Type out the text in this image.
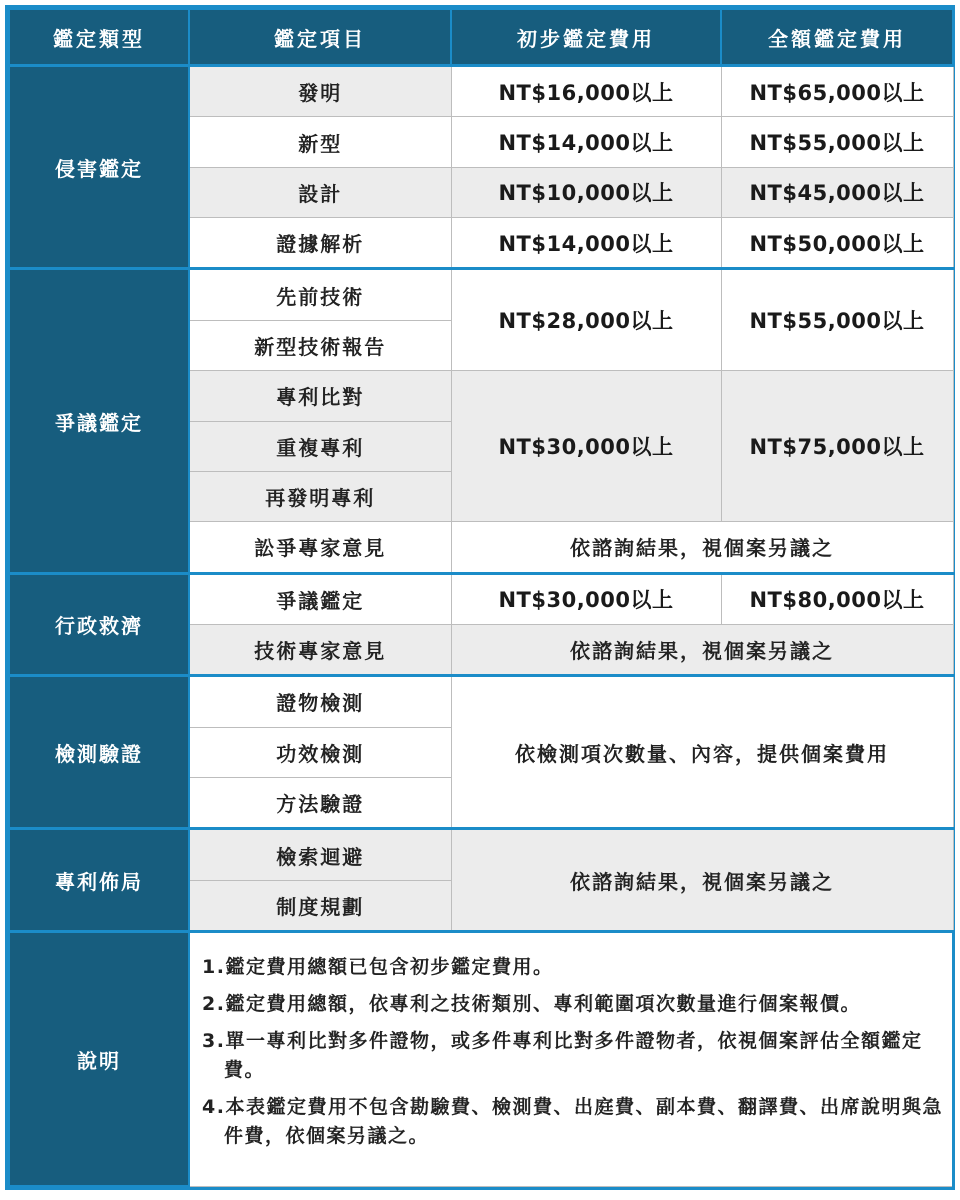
鑑定類型	鑑定項目	初步鑑定費用	全額鑑定費用
侵害鑑定	發明	NT$16,000以上	NT$65,000以上
	新型	NT$14,000以上	NT$55,000以上
	設計	NT$10,000以上	NT$45,000以上
	證據解析	NT$14,000以上	NT$50,000以上
爭議鑑定	先前技術	NT$28,000以上	NT$55,000以上
	新型技術報告		
	專利比對	NT$30,000以上	NT$75,000以上
	重複專利		
	再發明專利		
	訟爭專家意見	依諮詢結果，視個案另議之	
行政救濟	爭議鑑定	NT$30,000以上	NT$80,000以上
	技術專家意見	依諮詢結果，視個案另議之	
檢測驗證	證物檢測	依檢測項次數量、內容，提供個案費用	
	功效檢測		
	方法驗證		
專利佈局	檢索迴避	依諮詢結果，視個案另議之	
	制度規劃		
說明	1.鑑定費用總額已包含初步鑑定費用。
2.鑑定費用總額，依專利之技術類別、專利範圍項次數量進行個案報價。
3.單一專利比對多件證物，或多件專利比對多件證物者，依視個案評估全額鑑定費。
4.本表鑑定費用不包含勘驗費、檢測費、出庭費、副本費、翻譯費、出席說明與急件費，依個案另議之。		
